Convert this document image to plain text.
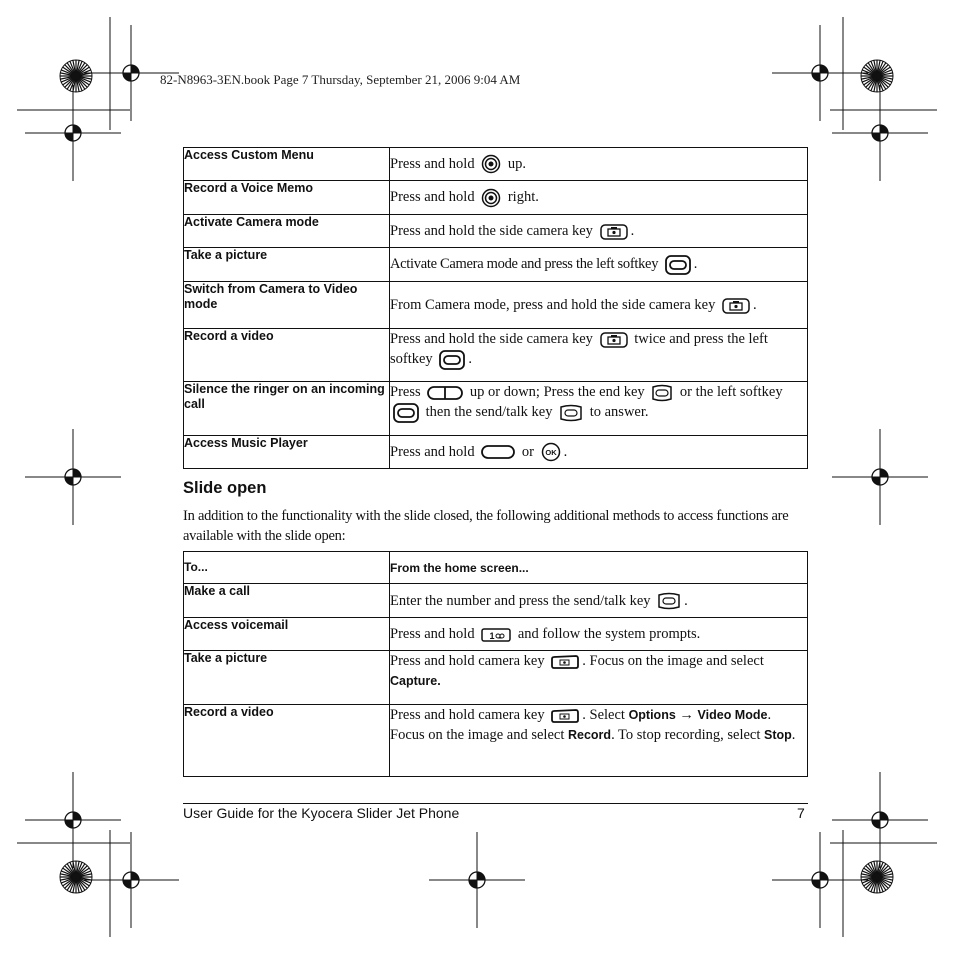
82-N8963-3EN.book Page 7 Thursday, September 21, 2006 9:04 AM
Access Custom Menu	Press and hold up.
Record a Voice Memo	Press and hold right.
Activate Camera mode	Press and hold the side camera key .
Take a picture	Activate Camera mode and press the left softkey .
Switch from Camera to Video mode	From Camera mode, press and hold the side camera key .
Record a video	Press and hold the side camera key twice and press the left softkey .
Silence the ringer on an incoming call	Press up or down; Press the end key or the left softkey  then the send/talk key to answer.
Access Music Player	Press and hold or OK .
Slide open
In addition to the functionality with the slide closed, the following additional methods to access functions are available with the slide open:
To...	From the home screen...
Make a call	Enter the number and press the send/talk key .
Access voicemail	Press and hold 1 and follow the system prompts.
Take a picture	Press and hold camera key . Focus on the image and select
Capture.
Record a video	Press and hold camera key . Select Options → Video Mode. Focus on the image and select Record. To stop recording, select Stop.
User Guide for the Kyocera Slider Jet Phone	7
